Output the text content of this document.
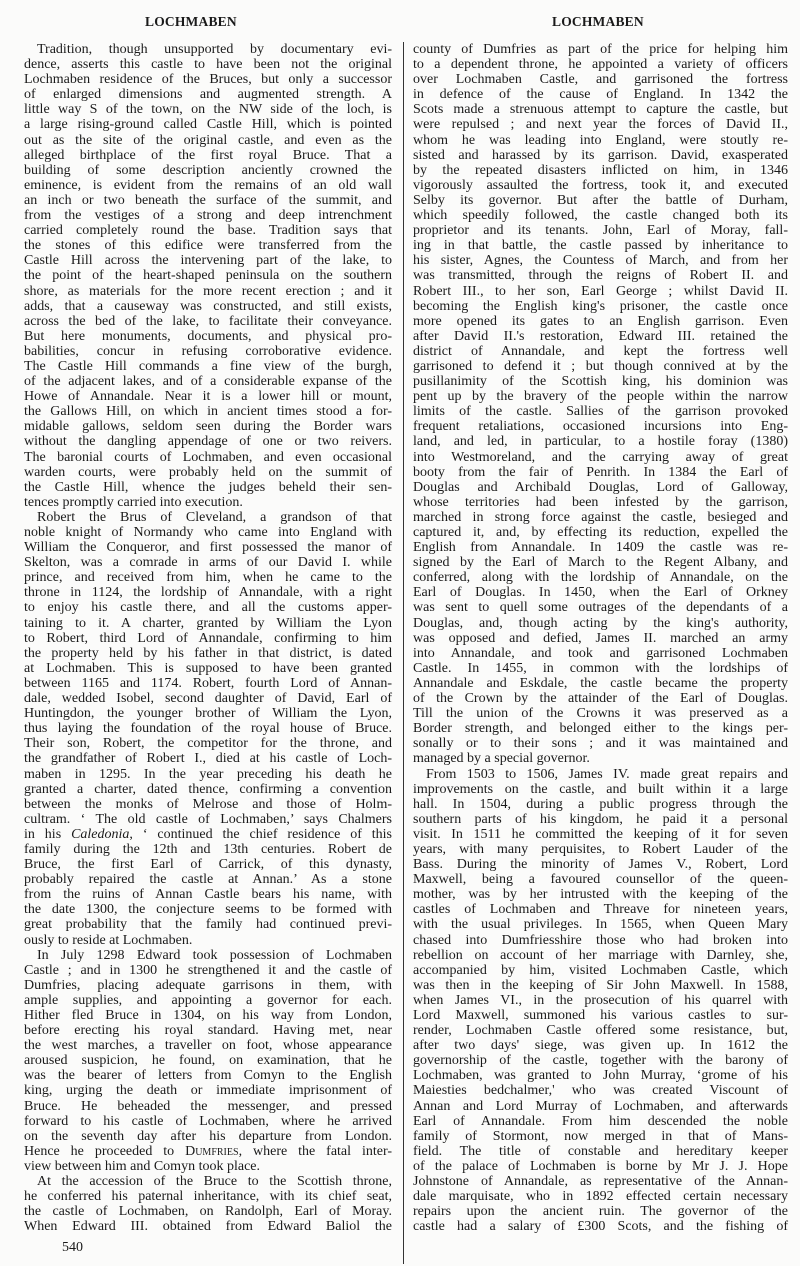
LOCHMABEN	LOCHMABEN
Tradition, though unsupported by documentary evi-
dence, asserts this castle to have been not the original
Lochmaben residence of the Bruces, but only a successor
of enlarged dimensions and augmented strength. A
little way S of the town, on the NW side of the loch, is
a large rising-ground called Castle Hill, which is pointed
out as the site of the original castle, and even as the
alleged birthplace of the first royal Bruce. That a
building of some description anciently crowned the
eminence, is evident from the remains of an old wall
an inch or two beneath the surface of the summit, and
from the vestiges of a strong and deep intrenchment
carried completely round the base. Tradition says that
the stones of this edifice were transferred from the
Castle Hill across the intervening part of the lake, to
the point of the heart-shaped peninsula on the southern
shore, as materials for the more recent erection ; and it
adds, that a causeway was constructed, and still exists,
across the bed of the lake, to facilitate their conveyance.
But here monuments, documents, and physical pro-
babilities, concur in refusing corroborative evidence.
The Castle Hill commands a fine view of the burgh,
of the adjacent lakes, and of a considerable expanse of the
Howe of Annandale. Near it is a lower hill or mount,
the Gallows Hill, on which in ancient times stood a for-
midable gallows, seldom seen during the Border wars
without the dangling appendage of one or two reivers.
The baronial courts of Lochmaben, and even occasional
warden courts, were probably held on the summit of
the Castle Hill, whence the judges beheld their sen-
tences promptly carried into execution.
Robert the Brus of Cleveland, a grandson of that
noble knight of Normandy who came into England with
William the Conqueror, and first possessed the manor of
Skelton, was a comrade in arms of our David I. while
prince, and received from him, when he came to the
throne in 1124, the lordship of Annandale, with a right
to enjoy his castle there, and all the customs apper-
taining to it. A charter, granted by William the Lyon
to Robert, third Lord of Annandale, confirming to him
the property held by his father in that district, is dated
at Lochmaben. This is supposed to have been granted
between 1165 and 1174. Robert, fourth Lord of Annan-
dale, wedded Isobel, second daughter of David, Earl of
Huntingdon, the younger brother of William the Lyon,
thus laying the foundation of the royal house of Bruce.
Their son, Robert, the competitor for the throne, and
the grandfather of Robert I., died at his castle of Loch-
maben in 1295. In the year preceding his death he
granted a charter, dated thence, confirming a convention
between the monks of Melrose and those of Holm-
cultram. ‘ The old castle of Lochmaben,’ says Chalmers
in his Caledonia, ‘ continued the chief residence of this
family during the 12th and 13th centuries. Robert de
Bruce, the first Earl of Carrick, of this dynasty,
probably repaired the castle at Annan.’ As a stone
from the ruins of Annan Castle bears his name, with
the date 1300, the conjecture seems to be formed with
great probability that the family had continued previ-
ously to reside at Lochmaben.
In July 1298 Edward took possession of Lochmaben
Castle ; and in 1300 he strengthened it and the castle of
Dumfries, placing adequate garrisons in them, with
ample supplies, and appointing a governor for each.
Hither fled Bruce in 1304, on his way from London,
before erecting his royal standard. Having met, near
the west marches, a traveller on foot, whose appearance
aroused suspicion, he found, on examination, that he
was the bearer of letters from Comyn to the English
king, urging the death or immediate imprisonment of
Bruce. He beheaded the messenger, and pressed
forward to his castle of Lochmaben, where he arrived
on the seventh day after his departure from London.
Hence he proceeded to Dumfries, where the fatal inter-
view between him and Comyn took place.
At the accession of the Bruce to the Scottish throne,
he conferred his paternal inheritance, with its chief seat,
the castle of Lochmaben, on Randolph, Earl of Moray.
When Edward III. obtained from Edward Baliol the
county of Dumfries as part of the price for helping him
to a dependent throne, he appointed a variety of officers
over Lochmaben Castle, and garrisoned the fortress
in defence of the cause of England. In 1342 the
Scots made a strenuous attempt to capture the castle, but
were repulsed ; and next year the forces of David II.,
whom he was leading into England, were stoutly re-
sisted and harassed by its garrison. David, exasperated
by the repeated disasters inflicted on him, in 1346
vigorously assaulted the fortress, took it, and executed
Selby its governor. But after the battle of Durham,
which speedily followed, the castle changed both its
proprietor and its tenants. John, Earl of Moray, fall-
ing in that battle, the castle passed by inheritance to
his sister, Agnes, the Countess of March, and from her
was transmitted, through the reigns of Robert II. and
Robert III., to her son, Earl George ; whilst David II.
becoming the English king's prisoner, the castle once
more opened its gates to an English garrison. Even
after David II.'s restoration, Edward III. retained the
district of Annandale, and kept the fortress well
garrisoned to defend it ; but though connived at by the
pusillanimity of the Scottish king, his dominion was
pent up by the bravery of the people within the narrow
limits of the castle. Sallies of the garrison provoked
frequent retaliations, occasioned incursions into Eng-
land, and led, in particular, to a hostile foray (1380)
into Westmoreland, and the carrying away of great
booty from the fair of Penrith. In 1384 the Earl of
Douglas and Archibald Douglas, Lord of Galloway,
whose territories had been infested by the garrison,
marched in strong force against the castle, besieged and
captured it, and, by effecting its reduction, expelled the
English from Annandale. In 1409 the castle was re-
signed by the Earl of March to the Regent Albany, and
conferred, along with the lordship of Annandale, on the
Earl of Douglas. In 1450, when the Earl of Orkney
was sent to quell some outrages of the dependants of a
Douglas, and, though acting by the king's authority,
was opposed and defied, James II. marched an army
into Annandale, and took and garrisoned Lochmaben
Castle. In 1455, in common with the lordships of
Annandale and Eskdale, the castle became the property
of the Crown by the attainder of the Earl of Douglas.
Till the union of the Crowns it was preserved as a
Border strength, and belonged either to the kings per-
sonally or to their sons ; and it was maintained and
managed by a special governor.
From 1503 to 1506, James IV. made great repairs and
improvements on the castle, and built within it a large
hall. In 1504, during a public progress through the
southern parts of his kingdom, he paid it a personal
visit. In 1511 he committed the keeping of it for seven
years, with many perquisites, to Robert Lauder of the
Bass. During the minority of James V., Robert, Lord
Maxwell, being a favoured counsellor of the queen-
mother, was by her intrusted with the keeping of the
castles of Lochmaben and Threave for nineteen years,
with the usual privileges. In 1565, when Queen Mary
chased into Dumfriesshire those who had broken into
rebellion on account of her marriage with Darnley, she,
accompanied by him, visited Lochmaben Castle, which
was then in the keeping of Sir John Maxwell. In 1588,
when James VI., in the prosecution of his quarrel with
Lord Maxwell, summoned his various castles to sur-
render, Lochmaben Castle offered some resistance, but,
after two days' siege, was given up. In 1612 the
governorship of the castle, together with the barony of
Lochmaben, was granted to John Murray, ‘grome of his
Maiesties bedchalmer,' who was created Viscount of
Annan and Lord Murray of Lochmaben, and afterwards
Earl of Annandale. From him descended the noble
family of Stormont, now merged in that of Mans-
field. The title of constable and hereditary keeper
of the palace of Lochmaben is borne by Mr J. J. Hope
Johnstone of Annandale, as representative of the Annan-
dale marquisate, who in 1892 effected certain necessary
repairs upon the ancient ruin. The governor of the
castle had a salary of £300 Scots, and the fishing of
540
